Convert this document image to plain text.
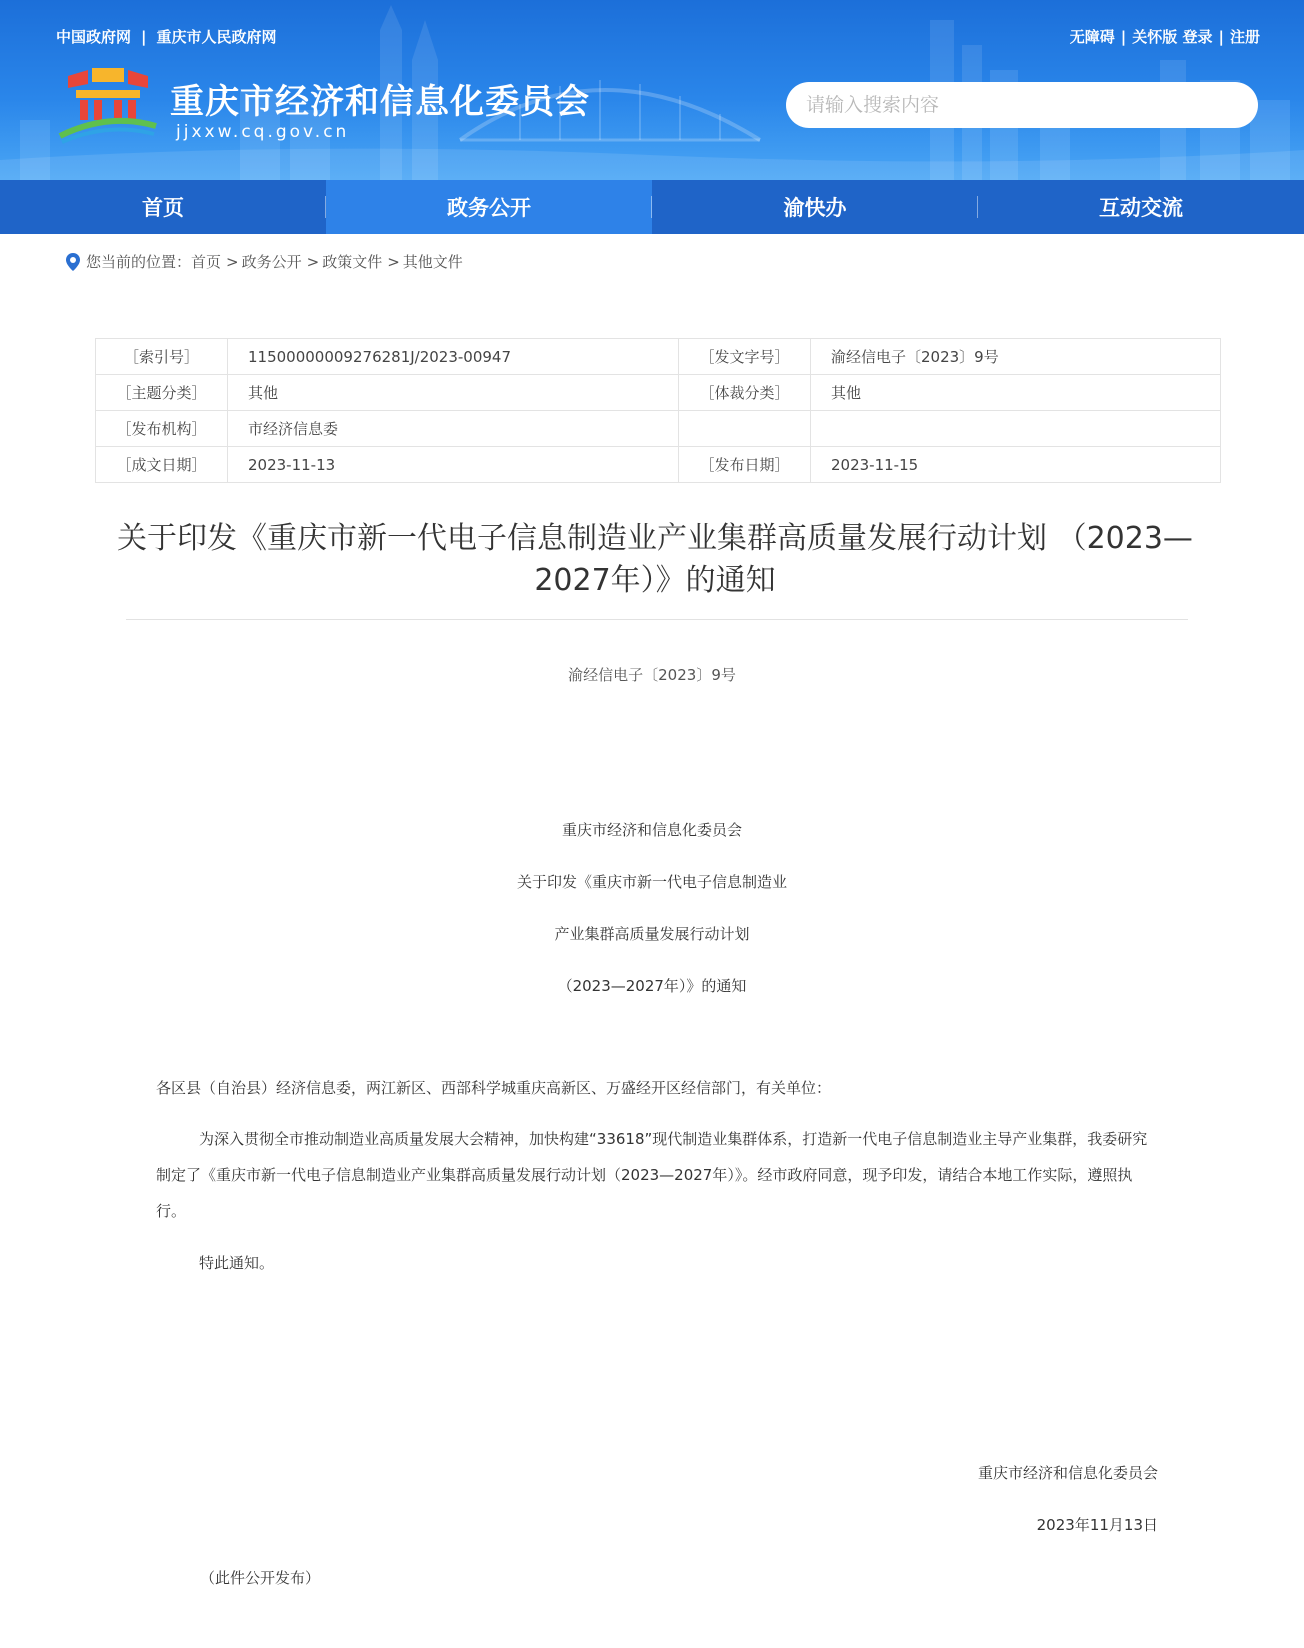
中国政府网 | 重庆市人民政府网	无障碍 | 关怀版 登录 | 注册
重庆市经济和信息化委员会
jjxxw.cq.gov.cn
请输入搜索内容
首页	政务公开	渝快办	互动交流
您当前的位置： 首页 > 政务公开 > 政策文件 > 其他文件
［索引号］	11500000009276281J/2023-00947	［发文字号］	渝经信电子〔2023〕9号
［主题分类］	其他	［体裁分类］	其他
［发布机构］	市经济信息委		
［成文日期］	2023-11-13	［发布日期］	2023-11-15
关于印发《重庆市新一代电子信息制造业产业集群高质量发展行动计划 （2023—
2027年）》的通知
渝经信电子〔2023〕9号
重庆市经济和信息化委员会
关于印发《重庆市新一代电子信息制造业
产业集群高质量发展行动计划
（2023—2027年）》的通知
各区县（自治县）经济信息委，两江新区、西部科学城重庆高新区、万盛经开区经信部门，有关单位：
为深入贯彻全市推动制造业高质量发展大会精神，加快构建“33618”现代制造业集群体系，打造新一代电子信息制造业主导产业集群，我委研究制定了《重庆市新一代电子信息制造业产业集群高质量发展行动计划（2023—2027年）》。经市政府同意，现予印发，请结合本地工作实际，遵照执行。
特此通知。
重庆市经济和信息化委员会
2023年11月13日
（此件公开发布）
